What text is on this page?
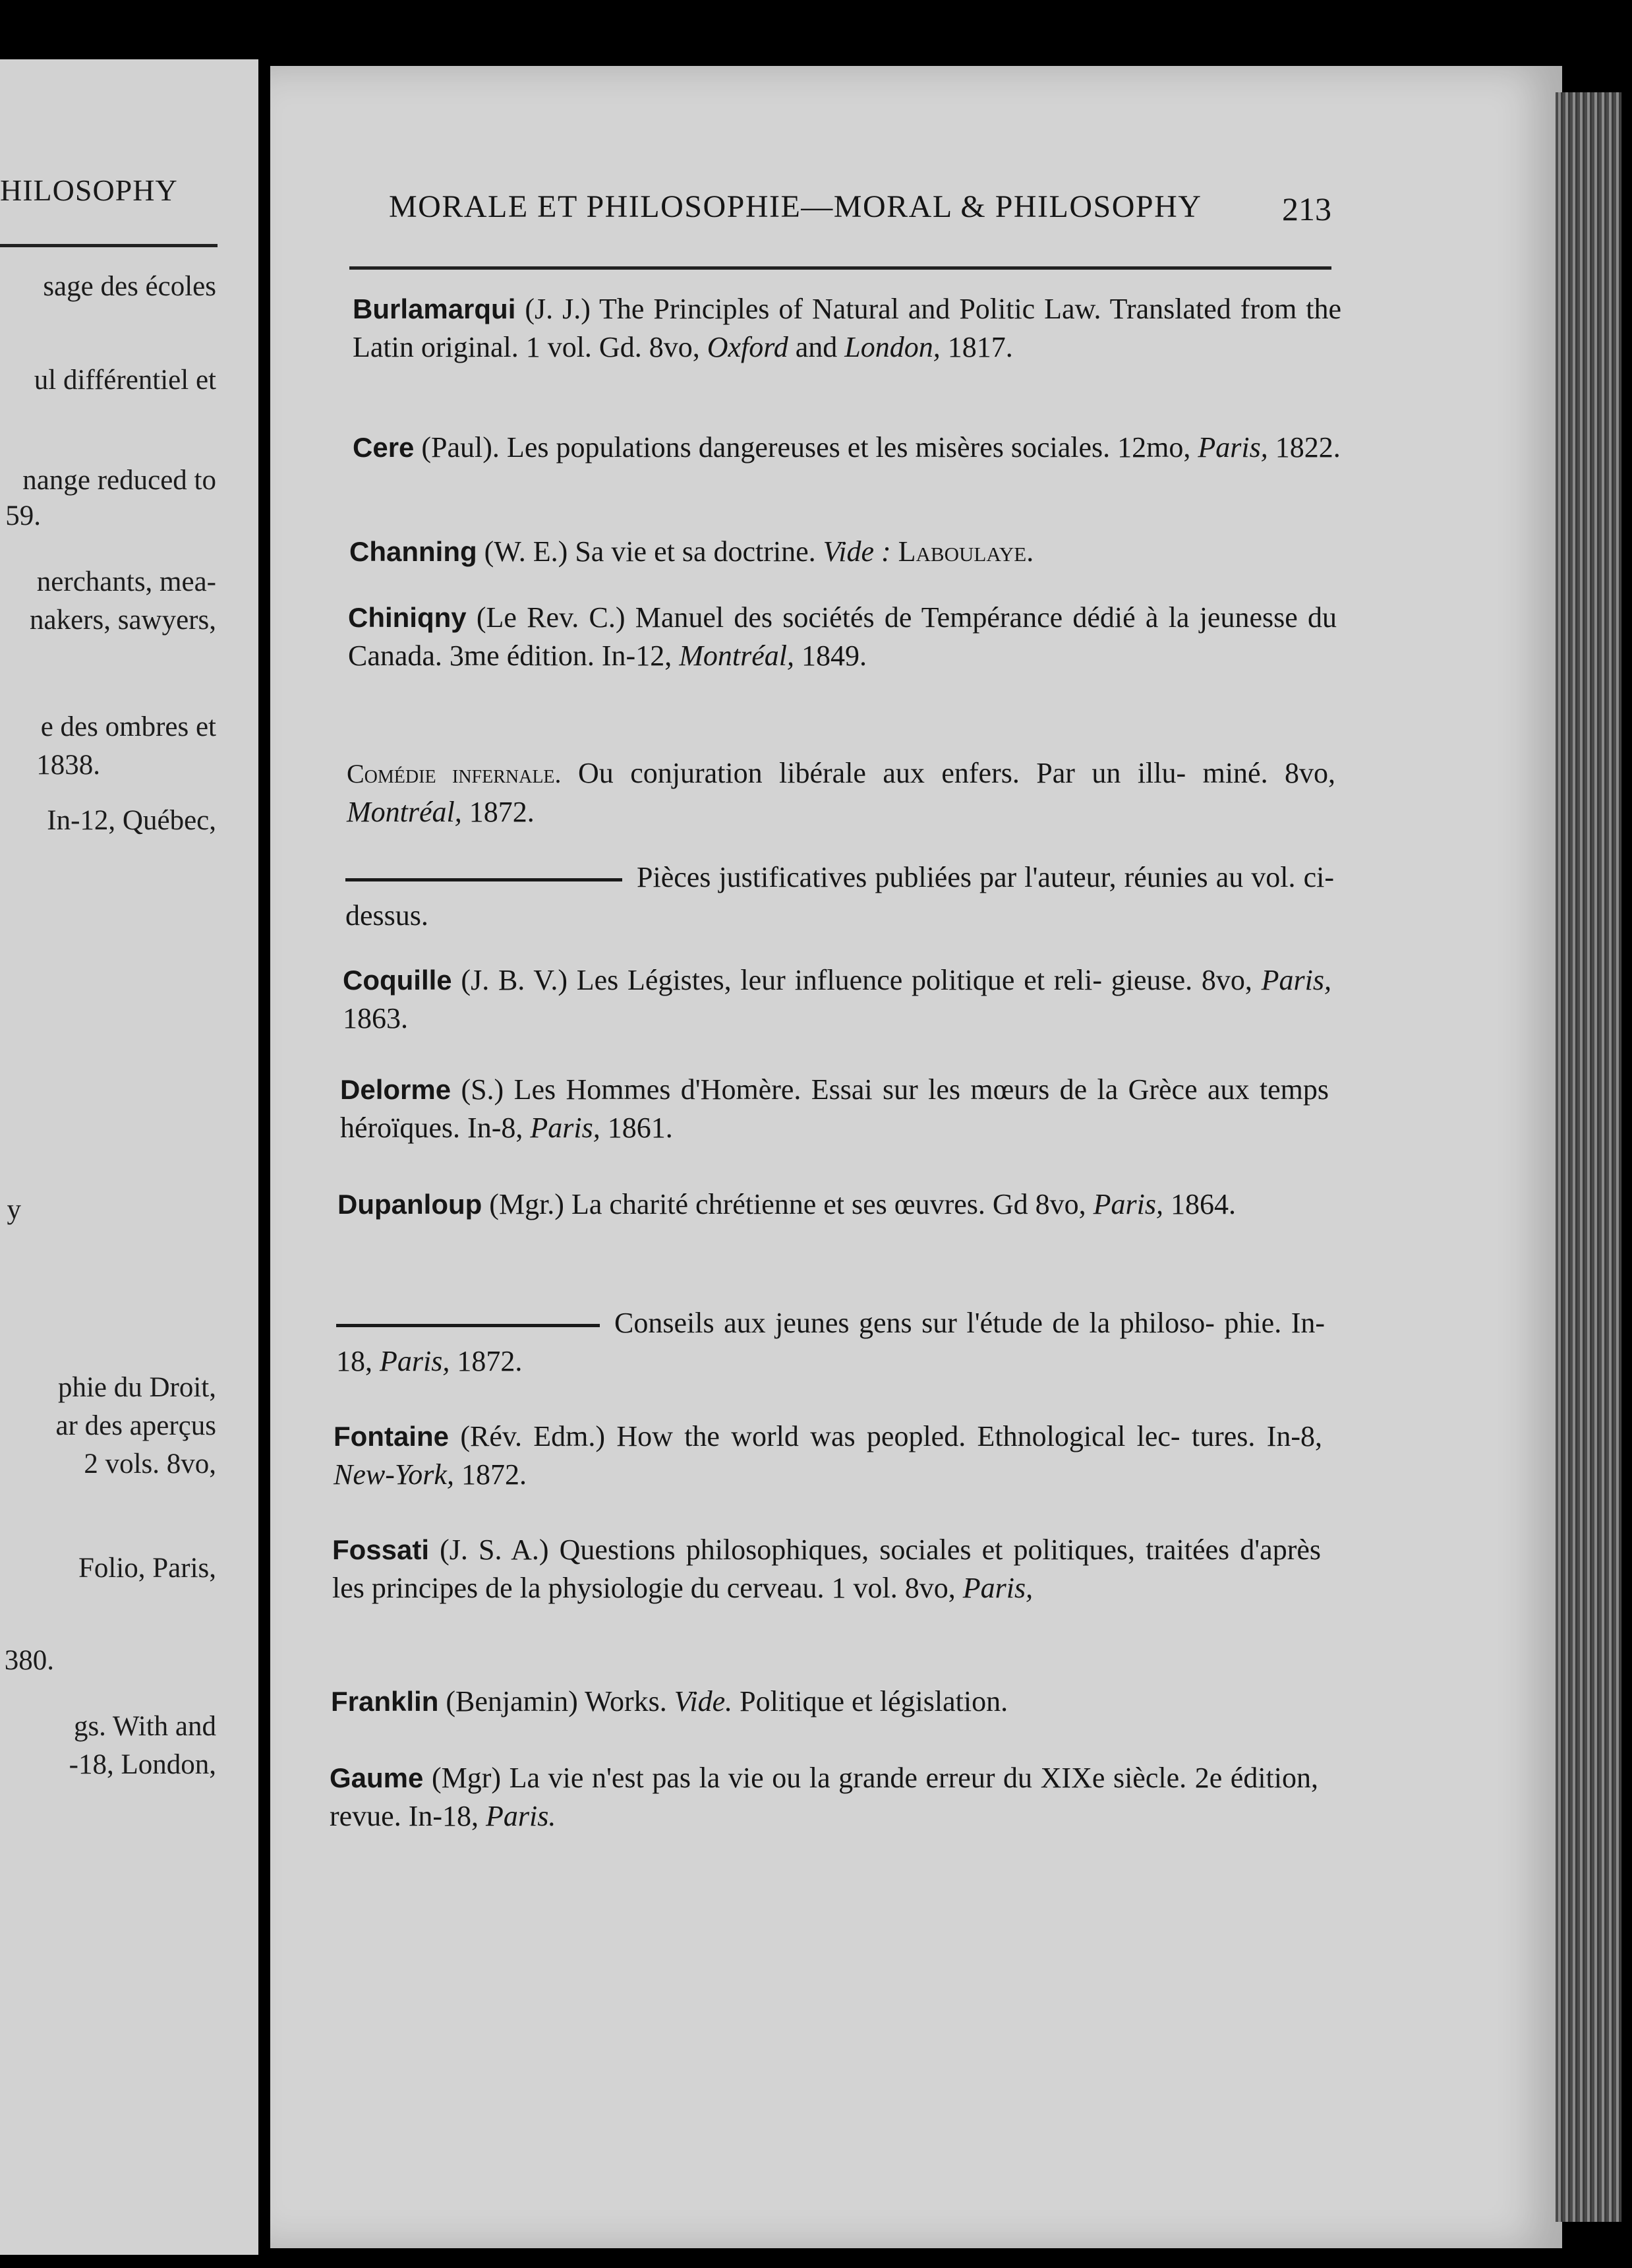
HILOSOPHY
sage des écoles
ul différentiel et
nange reduced to
59.
nerchants, mea-
nakers, sawyers,
e des ombres et
1838.
In-12, Québec,
y
phie du Droit,
ar des aperçus
2 vols. 8vo,
Folio, Paris,
380.
gs. With and
-18, London,
MORALE ET PHILOSOPHIE—MORAL & PHILOSOPHY 213
Burlamarqui (J. J.) The Principles of Natural and Politic Law. Translated from the Latin original. 1 vol. Gd. 8vo, Oxford and London, 1817.
Cere (Paul). Les populations dangereuses et les misères sociales. 12mo, Paris, 1822.
Channing (W. E.) Sa vie et sa doctrine. Vide : Laboulaye.
Chiniqny (Le Rev. C.) Manuel des sociétés de Tempérance dédié à la jeunesse du Canada. 3me édition. In-12, Montréal, 1849.
Comédie infernale. Ou conjuration libérale aux enfers. Par un illu- miné. 8vo, Montréal, 1872.
Pièces justificatives publiées par l'auteur, réunies au vol. ci-dessus.
Coquille (J. B. V.) Les Légistes, leur influence politique et reli- gieuse. 8vo, Paris, 1863.
Delorme (S.) Les Hommes d'Homère. Essai sur les mœurs de la Grèce aux temps héroïques. In-8, Paris, 1861.
Dupanloup (Mgr.) La charité chrétienne et ses œuvres. Gd 8vo, Paris, 1864.
Conseils aux jeunes gens sur l'étude de la philoso- phie. In-18, Paris, 1872.
Fontaine (Rév. Edm.) How the world was peopled. Ethnological lec- tures. In-8, New-York, 1872.
Fossati (J. S. A.) Questions philosophiques, sociales et politiques, traitées d'après les principes de la physiologie du cerveau. 1 vol. 8vo, Paris,
Franklin (Benjamin) Works. Vide. Politique et législation.
Gaume (Mgr) La vie n'est pas la vie ou la grande erreur du XIXe siècle. 2e édition, revue. In-18, Paris.
